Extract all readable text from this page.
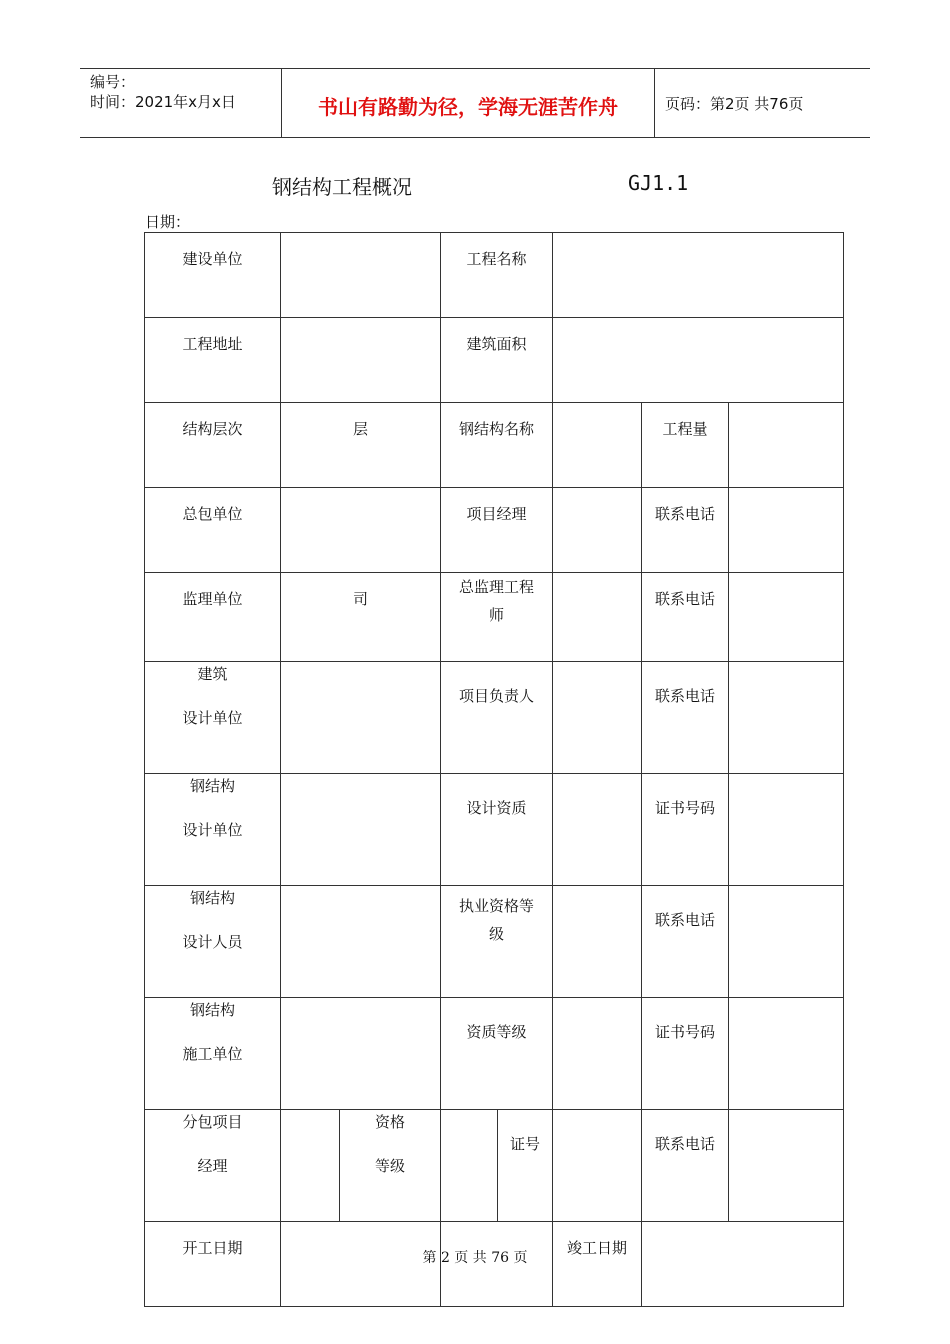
编号：
时间：2021年x月x日	书山有路勤为径，学海无涯苦作舟	页码：第2页 共76页
钢结构工程概况	GJ1.1
日期：
建设单位			工程名称				

工程地址			建筑面积				

结构层次	层		钢结构名称			工程量	

总包单位			项目经理			联系电话	

监理单位	司		总监理工程
师			联系电话	

建筑
设计单位			项目负责人			联系电话	

钢结构
设计单位			设计资质			证书号码	

钢结构
设计人员			执业资格等
级			联系电话	

钢结构
施工单位			资质等级			证书号码	

分包项目
经理		资格
等级		证号		联系电话	

开工日期					竣工日期		

第 2 页 共 76 页
